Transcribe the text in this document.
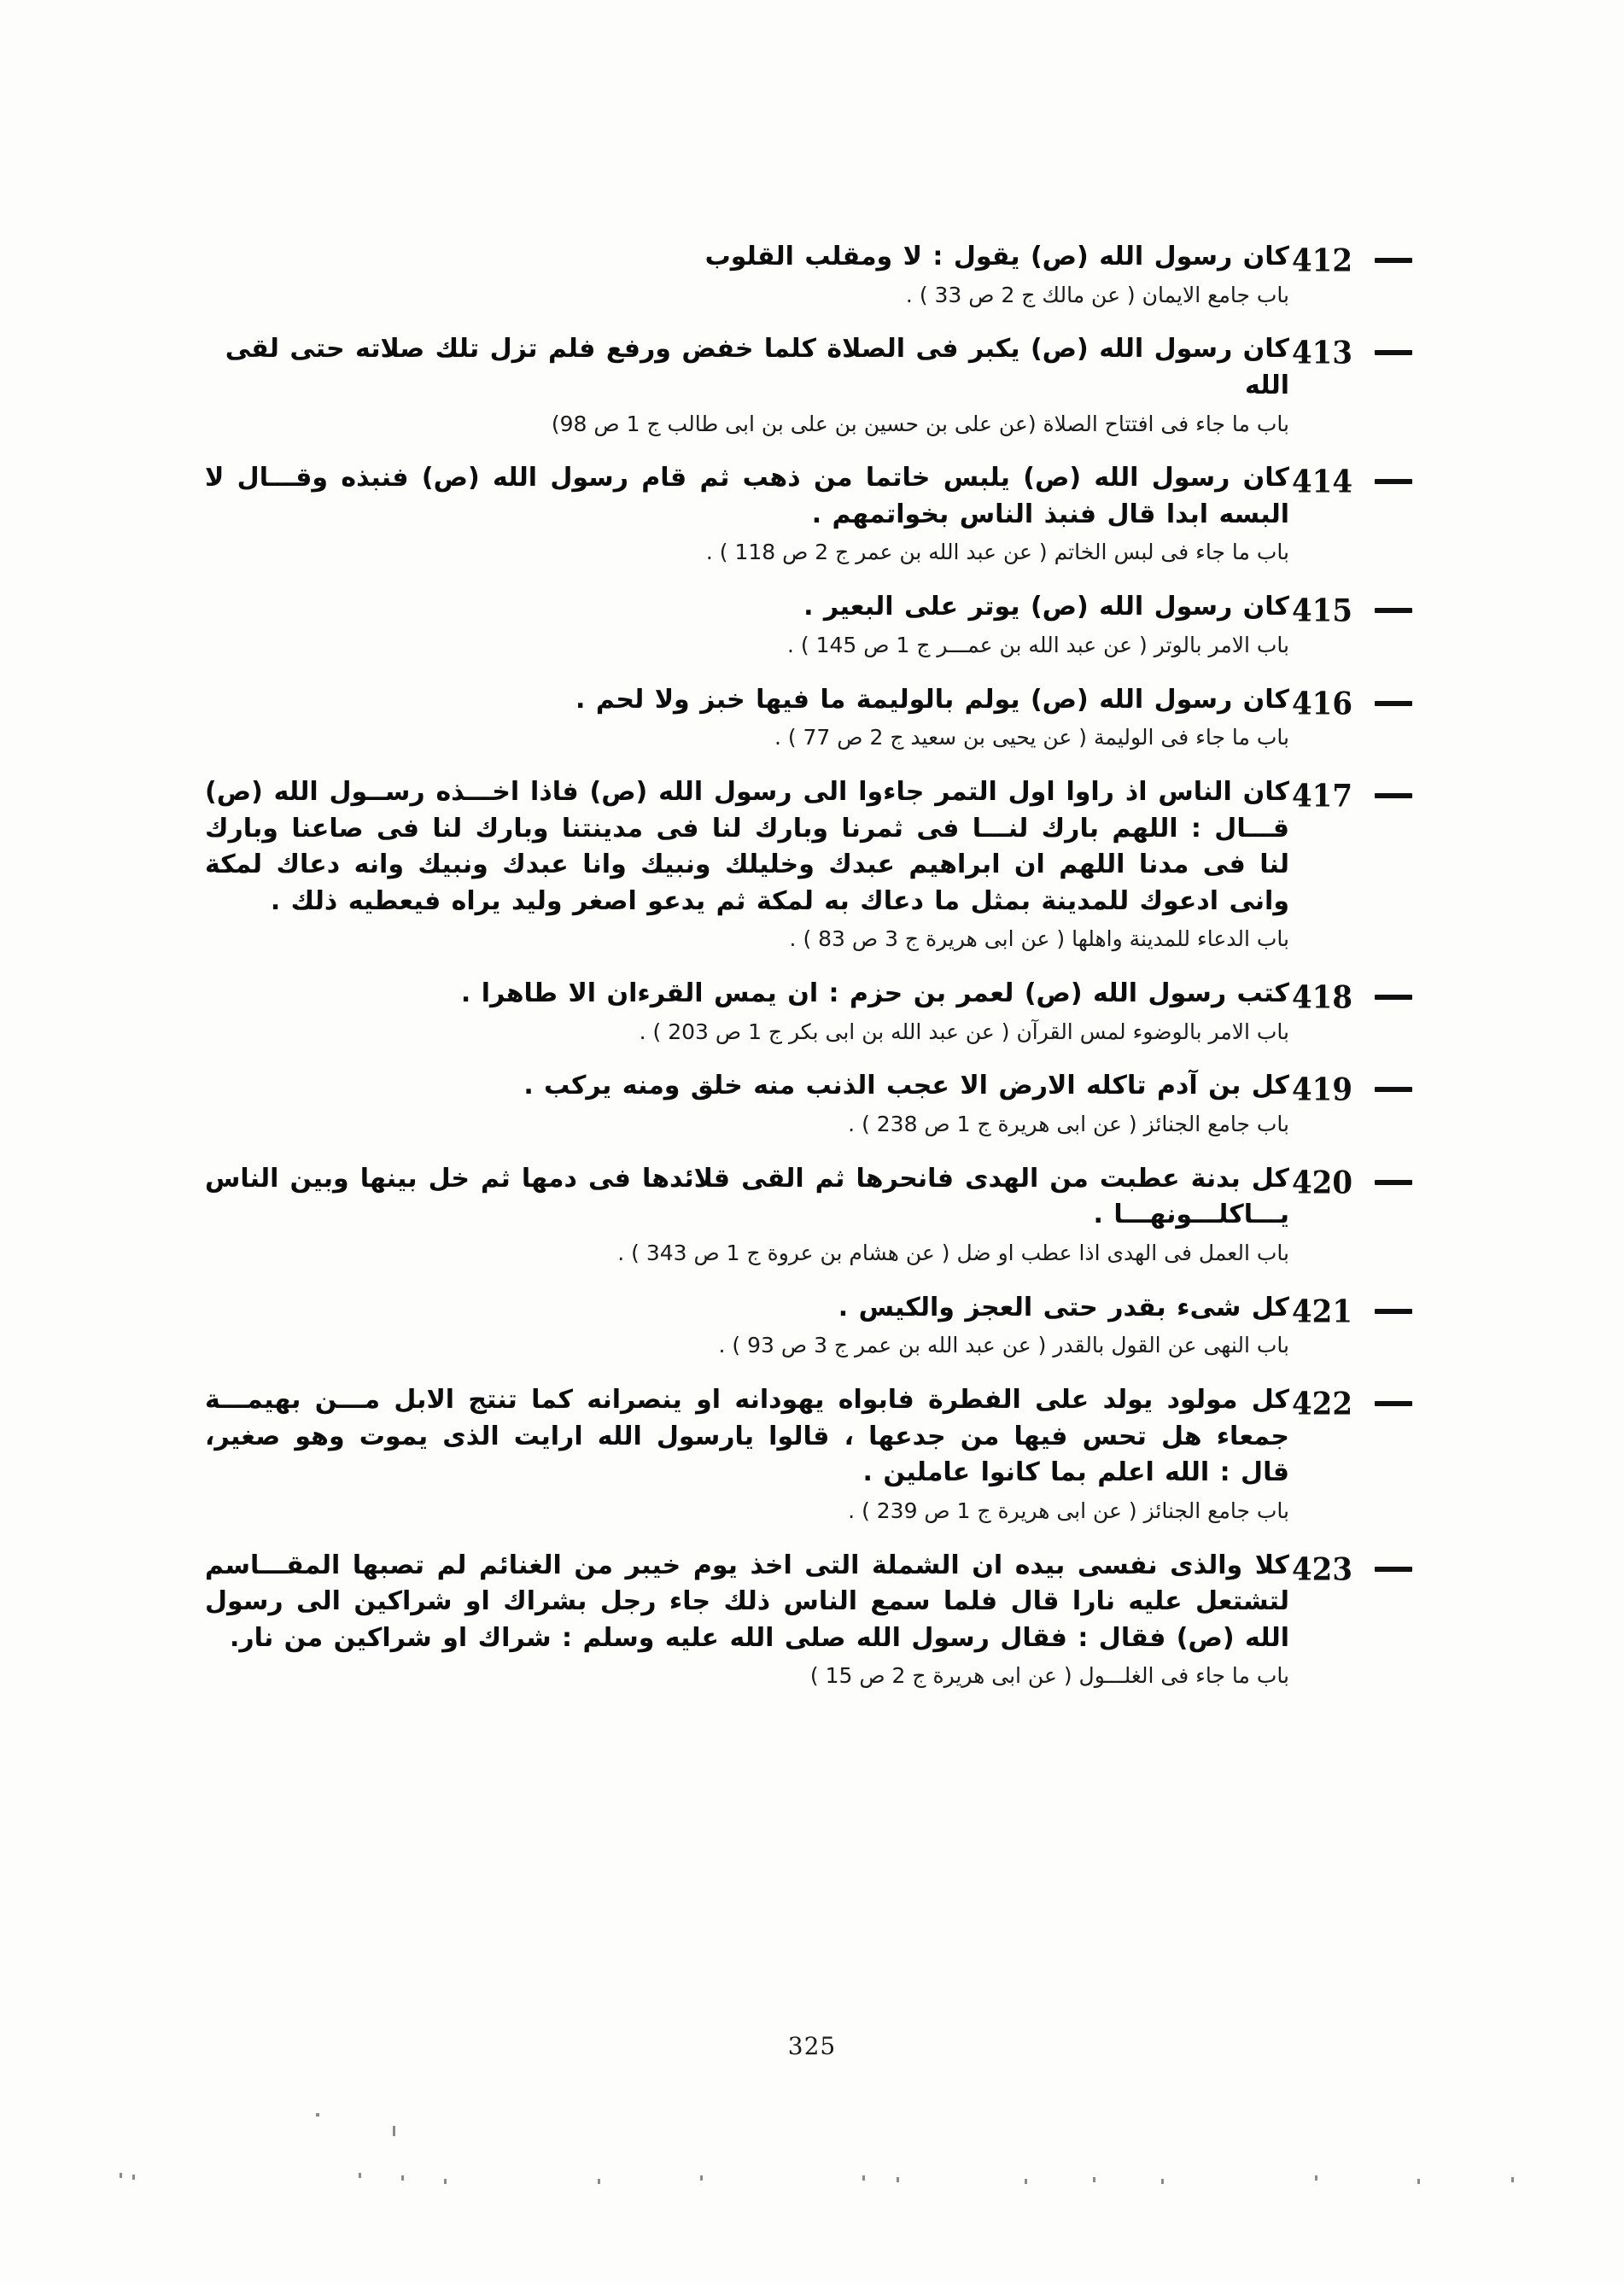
412

كان رسول الله (ص) يقول : لا ومقلب القلوب

باب جامع الايمان ( عن مالك ج 2 ص 33 ) .

413

كان رسول الله (ص) يكبر فى الصلاة كلما خفض ورفع فلم تزل تلك صلاته حتى لقى الله

باب ما جاء فى افتتاح الصلاة (عن على بن حسين بن على بن ابى طالب ج 1 ص 98)

414

كان رسول الله (ص) يلبس خاتما من ذهب ثم قام رسول الله (ص) فنبذه وقـــال لا البسه ابدا قال فنبذ الناس بخواتمهم .

باب ما جاء فى لبس الخاتم ( عن عبد الله بن عمر ج 2 ص 118 ) .

415

كان رسول الله (ص) يوتر على البعير .

باب الامر بالوتر ( عن عبد الله بن عمـــر ج 1 ص 145 ) .

416

كان رسول الله (ص) يولم بالوليمة ما فيها خبز ولا لحم .

باب ما جاء فى الوليمة ( عن يحيى بن سعيد ج 2 ص 77 ) .

417

كان الناس اذ راوا اول التمر جاءوا الى رسول الله (ص) فاذا اخـــذه رســول الله (ص) قـــال : اللهم بارك لنـــا فى ثمرنا وبارك لنا فى مدينتنا وبارك لنا فى صاعنا وبارك لنا فى مدنا اللهم ان ابراهيم عبدك وخليلك ونبيك وانا عبدك ونبيك وانه دعاك لمكة وانى ادعوك للمدينة بمثل ما دعاك به لمكة ثم يدعو اصغر وليد يراه فيعطيه ذلك .

باب الدعاء للمدينة واهلها ( عن ابى هريرة ج 3 ص 83 ) .

418

كتب رسول الله (ص) لعمر بن حزم : ان يمس القرءان الا طاهرا .

باب الامر بالوضوء لمس القرآن ( عن عبد الله بن ابى بكر ج 1 ص 203 ) .

419

كل بن آدم تاكله الارض الا عجب الذنب منه خلق ومنه يركب .

باب جامع الجنائز ( عن ابى هريرة ج 1 ص 238 ) .

420

كل بدنة عطبت من الهدى فانحرها ثم القى قلائدها فى دمها ثم خل بينها وبين الناس يـــاكلـــونهـــا .

باب العمل فى الهدى اذا عطب او ضل ( عن هشام بن عروة ج 1 ص 343 ) .

421

كل شىء بقدر حتى العجز والكيس .

باب النهى عن القول بالقدر ( عن عبد الله بن عمر ج 3 ص 93 ) .

422

كل مولود يولد على الفطرة فابواه يهودانه او ينصرانه كما تنتج الابل مـــن بهيمـــة جمعاء هل تحس فيها من جدعها ، قالوا يارسول الله ارايت الذى يموت وهو صغير، قال : الله اعلم بما كانوا عاملين .

باب جامع الجنائز ( عن ابى هريرة ج 1 ص 239 ) .

423

كلا والذى نفسى بيده ان الشملة التى اخذ يوم خيبر من الغنائم لم تصبها المقـــاسم لتشتعل عليه نارا قال فلما سمع الناس ذلك جاء رجل بشراك او شراكين الى رسول الله (ص) فقال : فقال رسول الله صلى الله عليه وسلم : شراك او شراكين من نار.

باب ما جاء فى الغلـــول ( عن ابى هريرة ج 2 ص 15 )

325
